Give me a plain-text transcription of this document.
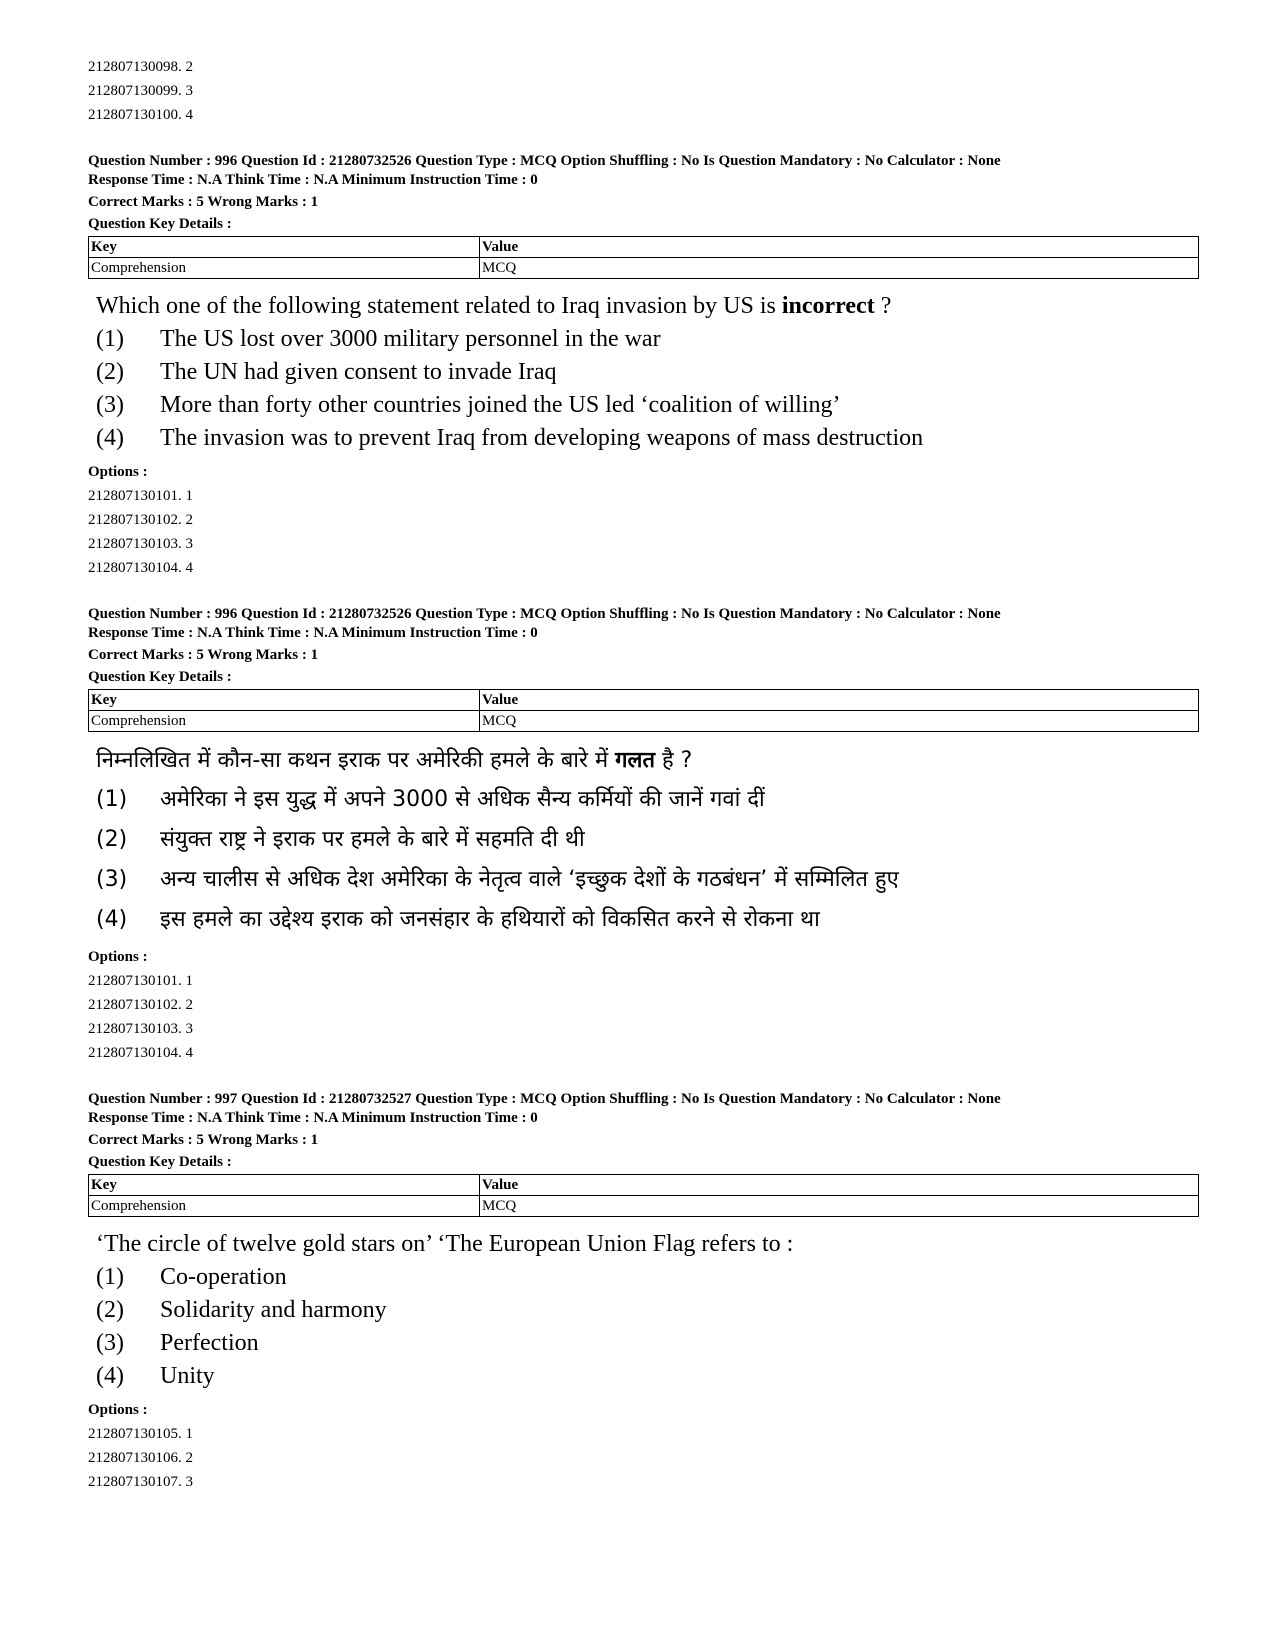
212807130098. 2
212807130099. 3
212807130100. 4
Question Number : 996 Question Id : 21280732526 Question Type : MCQ Option Shuffling : No Is Question Mandatory : No Calculator : None
Response Time : N.A Think Time : N.A Minimum Instruction Time : 0
Correct Marks : 5 Wrong Marks : 1
Question Key Details :
Key	Value
Comprehension	MCQ
Which one of the following statement related to Iraq invasion by US is incorrect ?
(1)	The US lost over 3000 military personnel in the war
(2)	The UN had given consent to invade Iraq
(3)	More than forty other countries joined the US led ‘coalition of willing’
(4)	The invasion was to prevent Iraq from developing weapons of mass destruction
Options :
212807130101. 1
212807130102. 2
212807130103. 3
212807130104. 4
Question Number : 996 Question Id : 21280732526 Question Type : MCQ Option Shuffling : No Is Question Mandatory : No Calculator : None
Response Time : N.A Think Time : N.A Minimum Instruction Time : 0
Correct Marks : 5 Wrong Marks : 1
Question Key Details :
Key	Value
Comprehension	MCQ
निम्नलिखित में कौन-सा कथन इराक पर अमेरिकी हमले के बारे में गलत है ?
(1)	अमेरिका ने इस युद्ध में अपने 3000 से अधिक सैन्य कर्मियों की जानें गवां दीं
(2)	संयुक्त राष्ट्र ने इराक पर हमले के बारे में सहमति दी थी
(3)	अन्य चालीस से अधिक देश अमेरिका के नेतृत्व वाले ‘इच्छुक देशों के गठबंधन’ में सम्मिलित हुए
(4)	इस हमले का उद्देश्य इराक को जनसंहार के हथियारों को विकसित करने से रोकना था
Options :
212807130101. 1
212807130102. 2
212807130103. 3
212807130104. 4
Question Number : 997 Question Id : 21280732527 Question Type : MCQ Option Shuffling : No Is Question Mandatory : No Calculator : None
Response Time : N.A Think Time : N.A Minimum Instruction Time : 0
Correct Marks : 5 Wrong Marks : 1
Question Key Details :
Key	Value
Comprehension	MCQ
‘The circle of twelve gold stars on’ ‘The European Union Flag refers to :
(1)	Co-operation
(2)	Solidarity and harmony
(3)	Perfection
(4)	Unity
Options :
212807130105. 1
212807130106. 2
212807130107. 3
